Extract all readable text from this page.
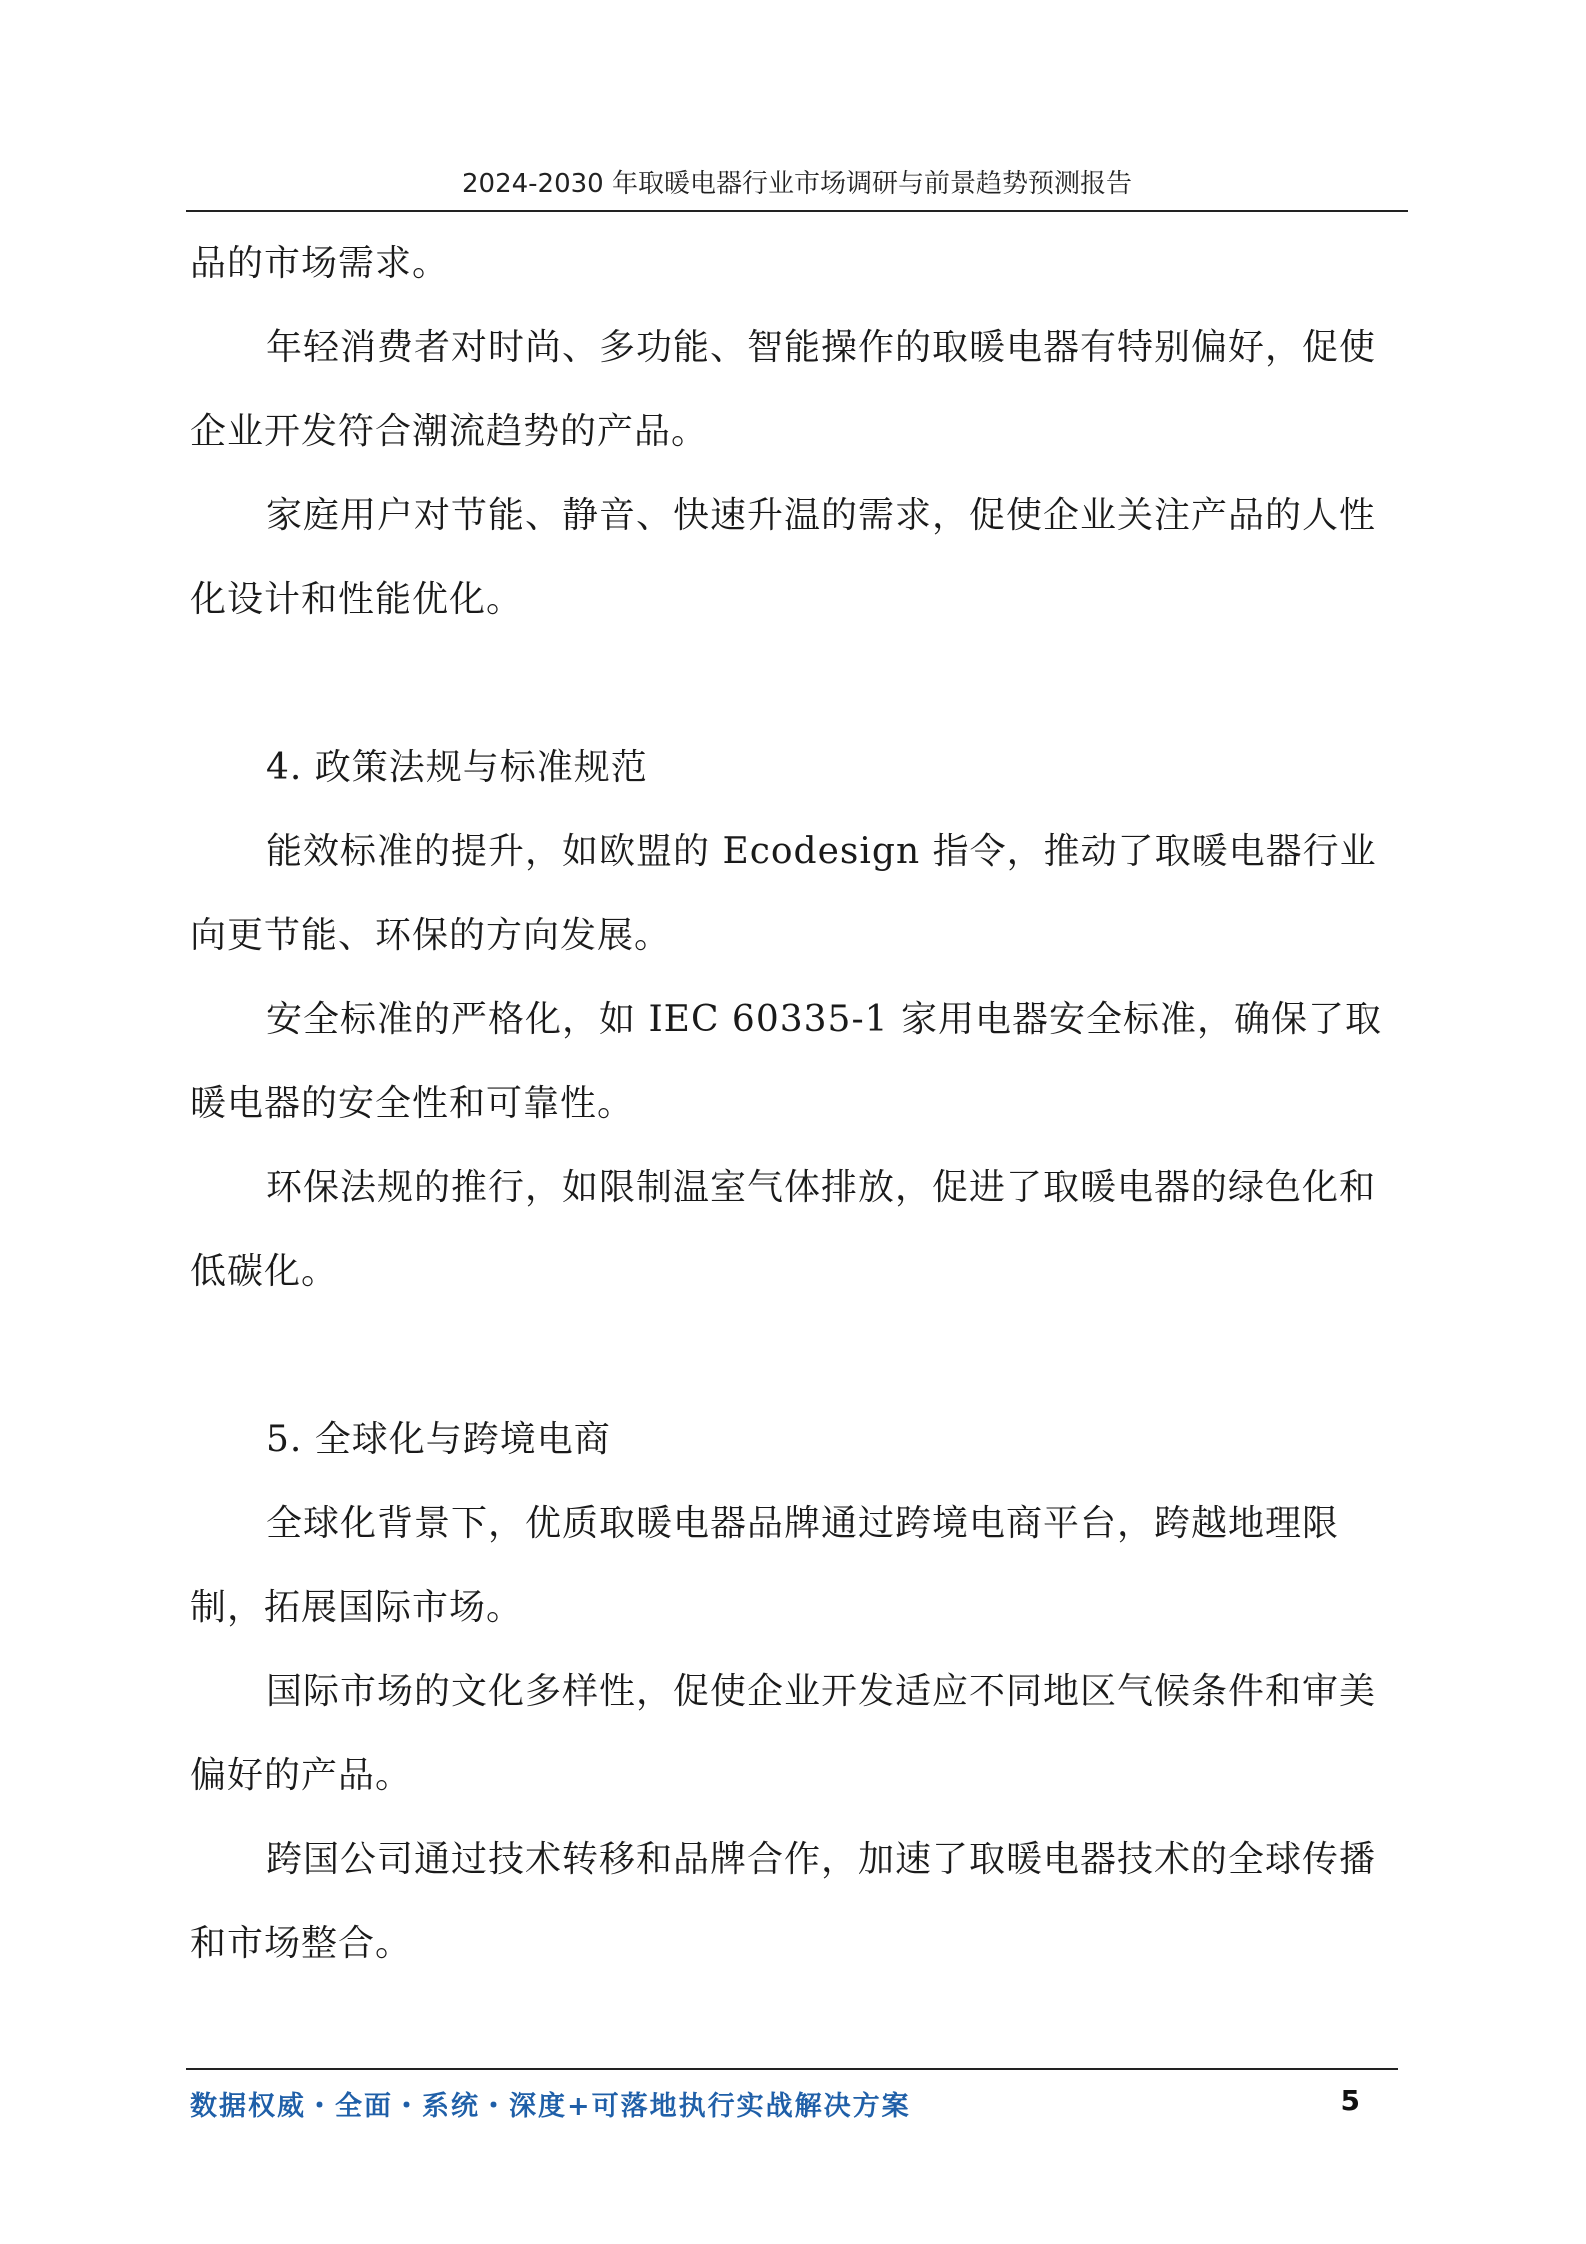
2024-2030 年取暖电器行业市场调研与前景趋势预测报告

品的市场需求。

年轻消费者对时尚、多功能、智能操作的取暖电器有特别偏好，促使企业开发符合潮流趋势的产品。

家庭用户对节能、静音、快速升温的需求，促使企业关注产品的人性化设计和性能优化。

4. 政策法规与标准规范

能效标准的提升，如欧盟的 Ecodesign 指令，推动了取暖电器行业向更节能、环保的方向发展。

安全标准的严格化，如 IEC 60335-1 家用电器安全标准，确保了取暖电器的安全性和可靠性。

环保法规的推行，如限制温室气体排放，促进了取暖电器的绿色化和低碳化。

5. 全球化与跨境电商

全球化背景下，优质取暖电器品牌通过跨境电商平台，跨越地理限制，拓展国际市场。

国际市场的文化多样性，促使企业开发适应不同地区气候条件和审美偏好的产品。

跨国公司通过技术转移和品牌合作，加速了取暖电器技术的全球传播和市场整合。

数据权威・全面・系统・深度+可落地执行实战解决方案	5
